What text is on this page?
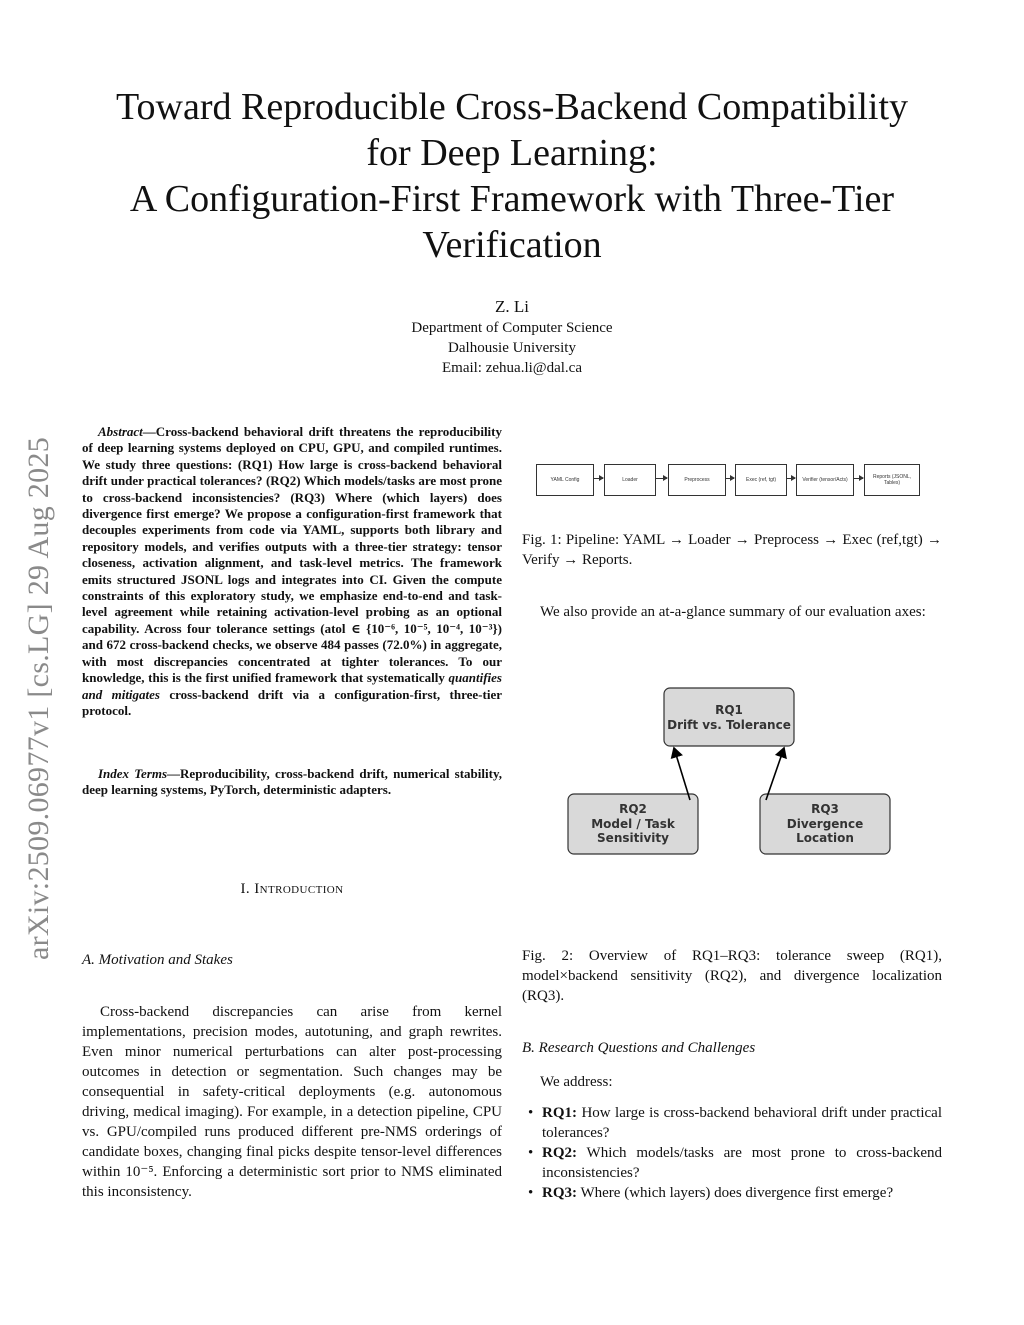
arXiv:2509.06977v1 [cs.LG] 29 Aug 2025
Toward Reproducible Cross-Backend Compatibility
for Deep Learning:
A Configuration-First Framework with Three-Tier
Verification
Z. Li
Department of Computer Science
Dalhousie University
Email: zehua.li@dal.ca
Abstract—Cross-backend behavioral drift threatens the reproducibility of deep learning systems deployed on CPU, GPU, and compiled runtimes. We study three questions: (RQ1) How large is cross-backend behavioral drift under practical tolerances? (RQ2) Which models/tasks are most prone to cross-backend inconsistencies? (RQ3) Where (which layers) does divergence first emerge? We propose a configuration-first framework that decouples experiments from code via YAML, supports both library and repository models, and verifies outputs with a three-tier strategy: tensor closeness, activation alignment, and task-level metrics. The framework emits structured JSONL logs and integrates into CI. Given the compute constraints of this exploratory study, we emphasize end-to-end and task-level agreement while retaining activation-level probing as an optional capability. Across four tolerance settings (atol ∈ {10⁻⁶, 10⁻⁵, 10⁻⁴, 10⁻³}) and 672 cross-backend checks, we observe 484 passes (72.0%) in aggregate, with most discrepancies concentrated at tighter tolerances. To our knowledge, this is the first unified framework that systematically quantifies and mitigates cross-backend drift via a configuration-first, three-tier protocol.
Index Terms—Reproducibility, cross-backend drift, numerical stability, deep learning systems, PyTorch, deterministic adapters.
I. Introduction
A. Motivation and Stakes
Cross-backend discrepancies can arise from kernel implementations, precision modes, autotuning, and graph rewrites. Even minor numerical perturbations can alter post-processing outcomes in detection or segmentation. Such changes may be consequential in safety-critical deployments (e.g. autonomous driving, medical imaging). For example, in a detection pipeline, CPU vs. GPU/compiled runs produced different pre-NMS orderings of candidate boxes, changing final picks despite tensor-level differences within 10⁻⁵. Enforcing a deterministic sort prior to NMS eliminated this inconsistency.
YAML Config	Loader	Preprocess	Exec (ref, tgt)	Verifier (tensor/Acts)	Reports (JSONL, Tables)
Fig. 1: Pipeline: YAML → Loader → Preprocess → Exec (ref,tgt) → Verify → Reports.
We also provide an at-a-glance summary of our evaluation axes:
RQ1
Drift vs. Tolerance
RQ2
Model / Task
Sensitivity
RQ3
Divergence
Location
Fig. 2: Overview of RQ1–RQ3: tolerance sweep (RQ1), model×backend sensitivity (RQ2), and divergence localization (RQ3).
B. Research Questions and Challenges
We address:
• RQ1: How large is cross-backend behavioral drift under practical tolerances?
• RQ2: Which models/tasks are most prone to cross-backend inconsistencies?
• RQ3: Where (which layers) does divergence first emerge?
